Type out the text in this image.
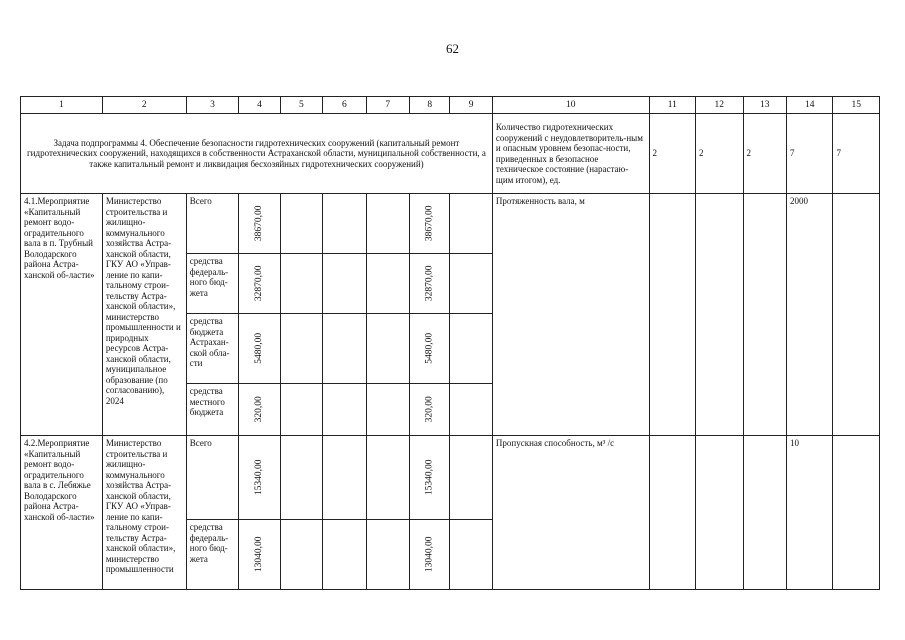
62
1	2	3	4	5	6	7	8	9	10	11	12	13	14	15
Задача подпрограммы 4. Обеспечение безопасности гидротехнических сооружений (капитальный ремонт гидротехнических сооружений, находящихся в собственности Астраханской области, муниципальной собственности, а также капитальный ремонт и ликвидация бесхозяйных гидротехнических сооружений)									Количество гидротехнических сооружений с неудовлетворитель-ным и опасным уровнем безопас-ности, приведенных в безопасное техническое состояние (нарастаю-щим итогом), ед.	2	2	2	7	7
4.1.Мероприятие «Капитальный ремонт водо-оградительного вала в п. Трубный Володарского района Астра-ханской об-ласти»	Министерство строительства и жилищно-коммунального хозяйства Астра-ханской области, ГКУ АО «Управ-ление по капи-тальному строи-тельству Астра-ханской области», министерство промышленности и природных ресурсов Астра-ханской области, муниципальное образование (по согласованию), 2024	Всего	38670,00				38670,00		Протяженность вала, м				2000	
		средства федераль-ного бюд-жета	32870,00				32870,00							

		средства бюджета Астрахан-ской обла-сти	5480,00				5480,00							

		средства местного бюджета	320,00				320,00							

4.2.Мероприятие «Капитальный ремонт водо-оградительного вала в с. Лебяжье Володарского района Астра-ханской об-ласти»	Министерство строительства и жилищно-коммунального хозяйства Астра-ханской области, ГКУ АО «Управ-ление по капи-тальному строи-тельству Астра-ханской области», министерство промышленности	Всего	15340,00				15340,00		Пропускная способность, м³ /с				10	
		средства федераль-ного бюд-жета	13040,00				13040,00							
